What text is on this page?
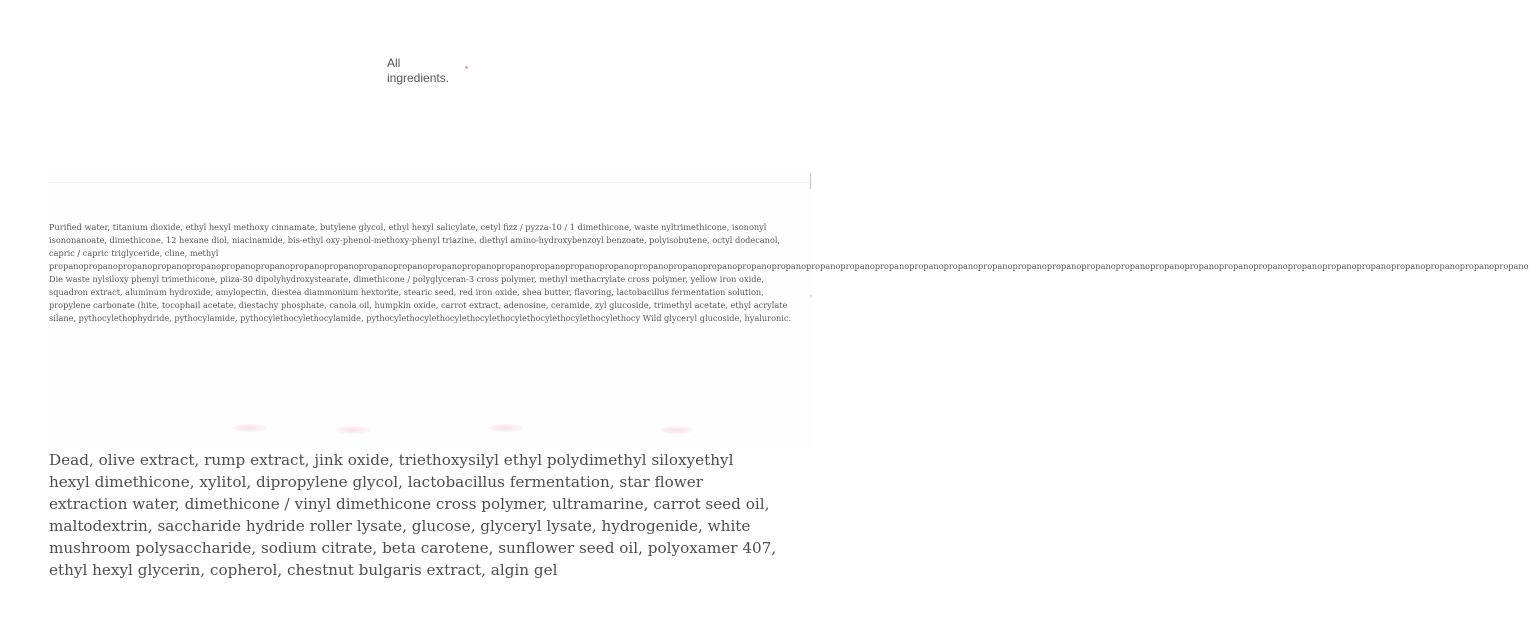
All
ingredients.
›

Purified water, titanium dioxide, ethyl hexyl methoxy cinnamate, butylene glycol, ethyl hexyl salicylate, cetyl fizz / pyzza-10 / 1 dimethicone, waste nyltrimethicone, isononyl
isononanoate, dimethicone, 12 hexane diol, niacinamide, bis-ethyl oxy-phenol-methoxy-phenyl triazine, diethyl amino-hydroxybenzoyl benzoate, polyisobutene, octyl dodecanol,
capric / capric triglyceride, cline, methyl
propanopropanopropanopropanopropanopropanopropanopropanopropanopropanopropanopropanopropanopropanopropanopropanopropanopropanopropanopropanopropanopropanopropanopropanopropanopropanopropanopropanopropanopropanopropanopropanopropanopropanopropanopropanopropanopropanopropanopropanopropanopropanopropano
Die waste nylsiloxy phenyl trimethicone, piiza-30 dipolyhydroxystearate, dimethicone / polyglyceran-3 cross polymer, methyl methacrylate cross polymer, yellow iron oxide,
squadron extract, aluminum hydroxide, amylopectin, diestea diammonium hextorite, stearic seed, red iron oxide, shea butter, flavoring, lactobacillus fermentation solution,
propylene carbonate (hite, tocophail acetate, diestachy phosphate, canola oil, humpkin oxide, carrot extract, adenosine, ceramide, zyl glucoside, trimethyl acetate, ethyl acrylate
silane, pythocylethophydride, pythocylamide, pythocylethocylethocylamide, pythocylethocylethocylethocylethocylethocylethocylethocylethocy Wild glyceryl glucoside, hyaluronic.

Dead, olive extract, rump extract, jink oxide, triethoxysilyl ethyl polydimethyl siloxyethyl hexyl dimethicone, xylitol, dipropylene glycol, lactobacillus fermentation, star flower extraction water, dimethicone / vinyl dimethicone cross polymer, ultramarine, carrot seed oil, maltodextrin, saccharide hydride roller lysate, glucose, glyceryl lysate, hydrogenide, white mushroom polysaccharide, sodium citrate, beta carotene, sunflower seed oil, polyoxamer 407, ethyl hexyl glycerin, copherol, chestnut bulgaris extract, algin gel
